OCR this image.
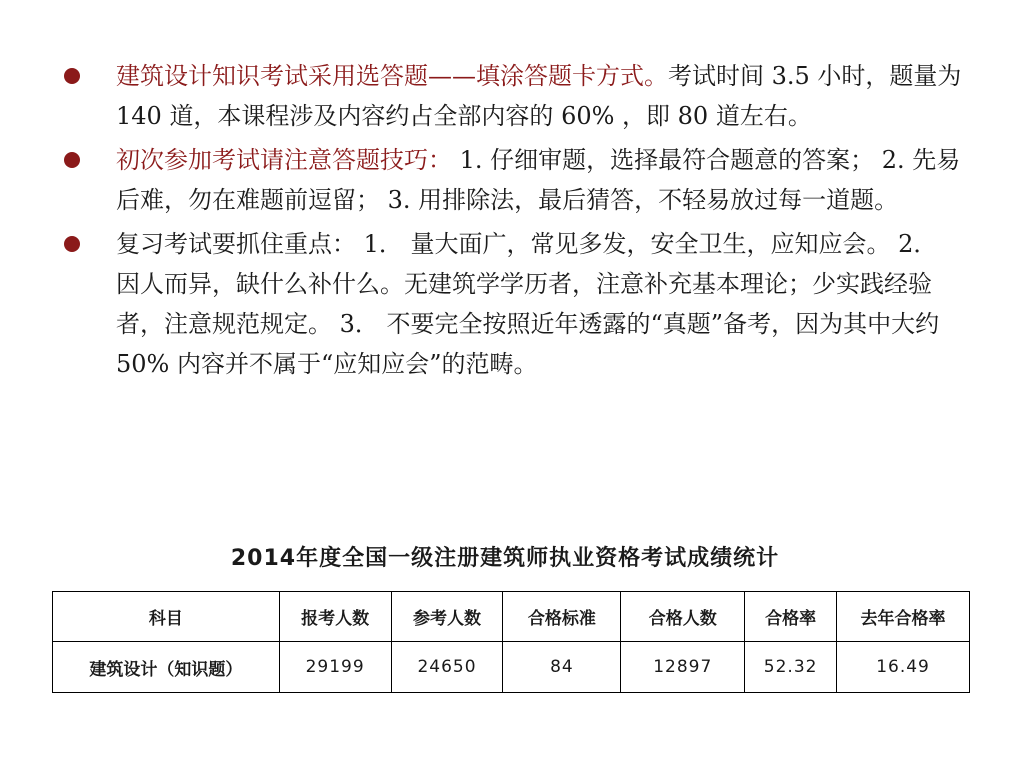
建筑设计知识考试采用选答题——填涂答题卡方式。考试时间 3.5 小时，题量为 140 道，本课程涉及内容约占全部内容的 60% ，即 80 道左右。
初次参加考试请注意答题技巧： 1. 仔细审题，选择最符合题意的答案； 2. 先易后难，勿在难题前逗留； 3. 用排除法，最后猜答，不轻易放过每一道题。
复习考试要抓住重点： 1． 量大面广，常见多发，安全卫生，应知应会。 2． 因人而异，缺什么补什么。无建筑学学历者，注意补充基本理论；少实践经验者，注意规范规定。 3． 不要完全按照近年透露的“真题”备考，因为其中大约 50% 内容并不属于“应知应会”的范畴。
2014年度全国一级注册建筑师执业资格考试成绩统计
科目	报考人数	参考人数	合格标准	合格人数	合格率	去年合格率
建筑设计（知识题）	29199	24650	84	12897	52.32	16.49
